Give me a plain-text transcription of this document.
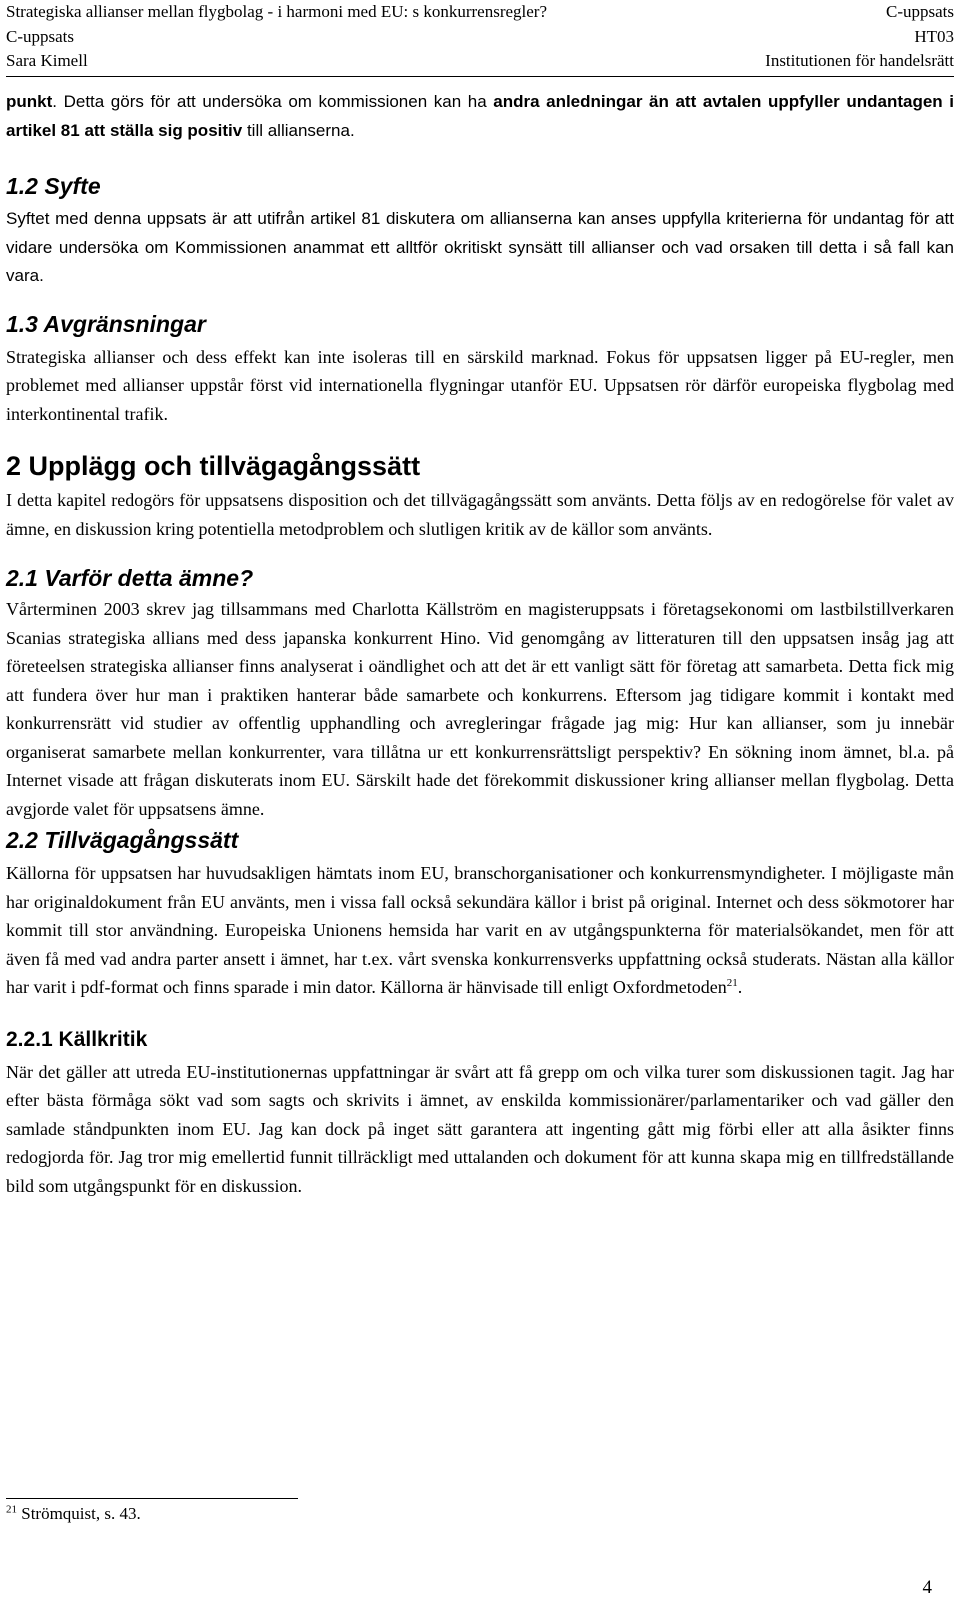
Strategiska allianser mellan flygbolag - i harmoni med EU: s konkurrensregler?	C-uppsats
C-uppsats	HT03
Sara Kimell	Institutionen för handelsrätt

punkt. Detta görs för att undersöka om kommissionen kan ha andra anledningar än att avtalen uppfyller undantagen i artikel 81 att ställa sig positiv till allianserna.

1.2 Syfte

Syftet med denna uppsats är att utifrån artikel 81 diskutera om allianserna kan anses uppfylla kriterierna för undantag för att vidare undersöka om Kommissionen anammat ett alltför okritiskt synsätt till allianser och vad orsaken till detta i så fall kan vara.

1.3 Avgränsningar

Strategiska allianser och dess effekt kan inte isoleras till en särskild marknad. Fokus för uppsatsen ligger på EU-regler, men problemet med allianser uppstår först vid internationella flygningar utanför EU. Uppsatsen rör därför europeiska flygbolag med interkontinental trafik.

2 Upplägg och tillvägagångssätt

I detta kapitel redogörs för uppsatsens disposition och det tillvägagångssätt som använts. Detta följs av en redogörelse för valet av ämne, en diskussion kring potentiella metodproblem och slutligen kritik av de källor som använts.

2.1 Varför detta ämne?

Vårterminen 2003 skrev jag tillsammans med Charlotta Källström en magisteruppsats i företagsekonomi om lastbilstillverkaren Scanias strategiska allians med dess japanska konkurrent Hino. Vid genomgång av litteraturen till den uppsatsen insåg jag att företeelsen strategiska allianser finns analyserat i oändlighet och att det är ett vanligt sätt för företag att samarbeta. Detta fick mig att fundera över hur man i praktiken hanterar både samarbete och konkurrens. Eftersom jag tidigare kommit i kontakt med konkurrensrätt vid studier av offentlig upphandling och avregleringar frågade jag mig: Hur kan allianser, som ju innebär organiserat samarbete mellan konkurrenter, vara tillåtna ur ett konkurrensrättsligt perspektiv? En sökning inom ämnet, bl.a. på Internet visade att frågan diskuterats inom EU. Särskilt hade det förekommit diskussioner kring allianser mellan flygbolag. Detta avgjorde valet för uppsatsens ämne.

2.2 Tillvägagångssätt

Källorna för uppsatsen har huvudsakligen hämtats inom EU, branschorganisationer och konkurrensmyndigheter. I möjligaste mån har originaldokument från EU använts, men i vissa fall också sekundära källor i brist på original. Internet och dess sökmotorer har kommit till stor användning. Europeiska Unionens hemsida har varit en av utgångspunkterna för materialsökandet, men för att även få med vad andra parter ansett i ämnet, har t.ex. vårt svenska konkurrensverks uppfattning också studerats. Nästan alla källor har varit i pdf-format och finns sparade i min dator. Källorna är hänvisade till enligt Oxfordmetoden$^{21}$.

2.2.1 Källkritik

När det gäller att utreda EU-institutionernas uppfattningar är svårt att få grepp om och vilka turer som diskussionen tagit. Jag har efter bästa förmåga sökt vad som sagts och skrivits i ämnet, av enskilda kommissionärer/parlamentariker och vad gäller den samlade ståndpunkten inom EU. Jag kan dock på inget sätt garantera att ingenting gått mig förbi eller att alla åsikter finns redogjorda för. Jag tror mig emellertid funnit tillräckligt med uttalanden och dokument för att kunna skapa mig en tillfredställande bild som utgångspunkt för en diskussion.

$^{21}$ Strömquist, s. 43.
4
